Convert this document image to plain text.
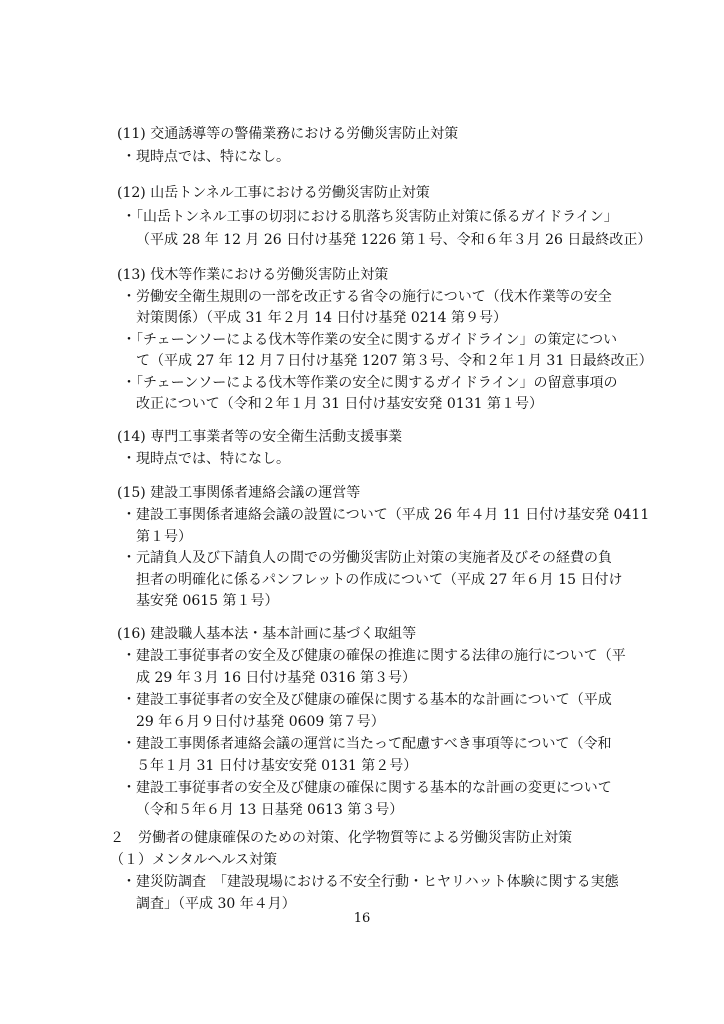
(11) 交通誘導等の警備業務における労働災害防止対策
・現時点では、特になし。
(12) 山岳トンネル工事における労働災害防止対策
・「山岳トンネル工事の切羽における肌落ち災害防止対策に係るガイドライン」
（平成 28 年 12 月 26 日付け基発 1226 第１号、令和６年３月 26 日最終改正）
(13) 伐木等作業における労働災害防止対策
・労働安全衛生規則の一部を改正する省令の施行について（伐木作業等の安全
対策関係）（平成 31 年２月 14 日付け基発 0214 第９号）
・「チェーンソーによる伐木等作業の安全に関するガイドライン」の策定につい
て（平成 27 年 12 月７日付け基発 1207 第３号、令和２年１月 31 日最終改正）
・「チェーンソーによる伐木等作業の安全に関するガイドライン」の留意事項の
改正について（令和２年１月 31 日付け基安安発 0131 第１号）
(14) 専門工事業者等の安全衛生活動支援事業
・現時点では、特になし。
(15) 建設工事関係者連絡会議の運営等
・建設工事関係者連絡会議の設置について（平成 26 年４月 11 日付け基安発 0411
第１号）
・元請負人及び下請負人の間での労働災害防止対策の実施者及びその経費の負
担者の明確化に係るパンフレットの作成について（平成 27 年６月 15 日付け
基安発 0615 第１号）
(16) 建設職人基本法・基本計画に基づく取組等
・建設工事従事者の安全及び健康の確保の推進に関する法律の施行について（平
成 29 年３月 16 日付け基発 0316 第３号）
・建設工事従事者の安全及び健康の確保に関する基本的な計画について（平成
29 年６月９日付け基発 0609 第７号）
・建設工事関係者連絡会議の運営に当たって配慮すべき事項等について（令和
５年１月 31 日付け基安安発 0131 第２号）
・建設工事従事者の安全及び健康の確保に関する基本的な計画の変更について
（令和５年６月 13 日基発 0613 第３号）
２　労働者の健康確保のための対策、化学物質等による労働災害防止対策
（１）メンタルヘルス対策
・建災防調査　「建設現場における不安全行動・ヒヤリハット体験に関する実態
調査」（平成 30 年４月）
16
